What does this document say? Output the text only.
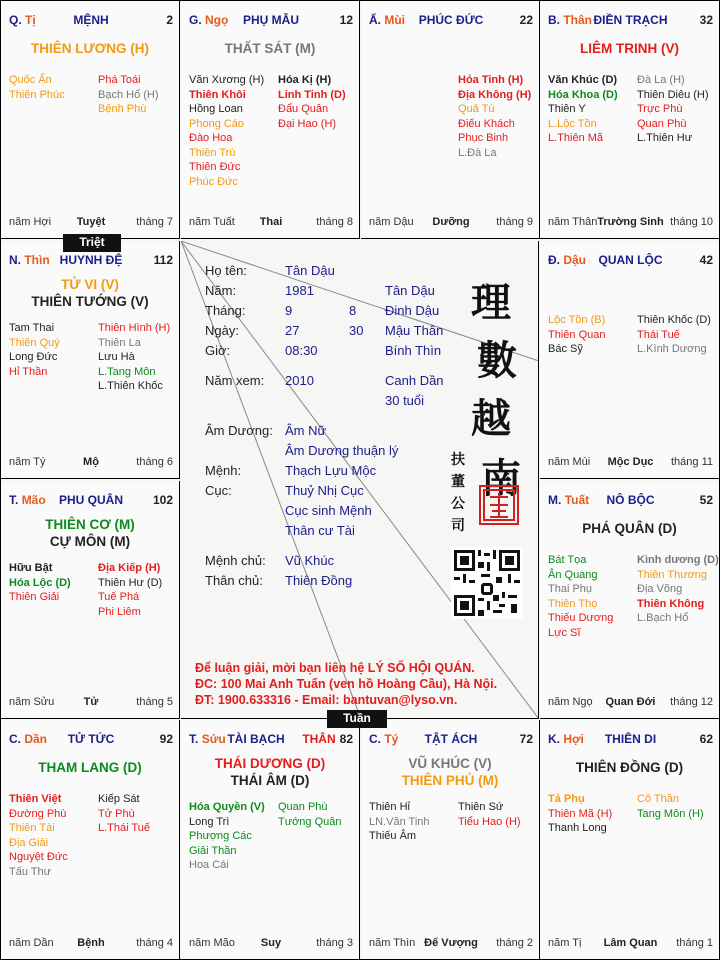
K. Hợi	THIÊN DI	62
THIÊN ĐỒNG (D)
Tả Phụ
Thiên Mã (H)
Thanh Long
Cô Thần
Tang Môn (H)
năm Tị	Lâm Quan	tháng 1
C. Tý	TẬT ÁCH	72
VŨ KHÚC (V)
THIÊN PHỦ (M)
Thiên Hỉ
LN.Văn Tinh
Thiếu Âm
Thiên Sứ
Tiểu Hao (H)
năm Thìn Đế Vượng	tháng 2
T. Sửu TÀI BẠCH	THÂN 82
THÁI DƯƠNG (D)
THÁI ÂM (D)
Hóa Quyền (V)
Long Trì
Phượng Các
Giải Thần
Hoa Cái
Quan Phù
Tướng Quân
năm Mão	Suy	tháng 3
C. Dần	TỬ TỨC	92
THAM LANG (D)
Thiên Việt
Đường Phù
Thiên Tài
Địa Giải
Nguyệt Đức
Tấu Thư
Kiếp Sát
Tử Phù
L.Thái Tuế
năm Dần	Bệnh	tháng 4
M. Tuất	NÔ BỘC	52
PHÁ QUÂN (D)
Bát Tọa
Ân Quang
Thai Phụ
Thiên Thọ
Thiếu Dương
Lực Sĩ
Kình dương (D)
Thiên Thương
Địa Võng
Thiên Không
L.Bạch Hổ
năm Ngọ	Quan Đới	tháng 12
T. Mão	PHU QUÂN	102
THIÊN CƠ (M)
CỰ MÔN (M)
Hữu Bật
Hóa Lộc (D)
Thiên Giải
Địa Kiếp (H)
Thiên Hư (D)
Tuế Phá
Phi Liêm
năm Sửu	Tử	tháng 5
Đ. Dậu	QUAN LỘC	42
Lộc Tồn (B)
Thiên Quan
Bác Sỹ
Thiên Khốc (D)
Thái Tuế
L.Kình Dương
năm Mùi	Mộc Dục	tháng 11
N. Thìn HUYNH ĐỆ	112
TỬ VI (V)
THIÊN TƯỚNG (V)
Tam Thai
Thiên Quý
Long Đức
Hỉ Thần
Thiên Hình (H)
Thiên La
Lưu Hà
L.Tang Môn
L.Thiên Khốc
năm Tý	Mộ	tháng 6
B. Thân ĐIỀN TRẠCH	32
LIÊM TRINH (V)
Văn Khúc (D)
Hóa Khoa (D)
Thiên Y
L.Lộc Tồn
L.Thiên Mã
Đà La (H)
Thiên Diêu (H)
Trực Phù
Quan Phù
L.Thiên Hư
năm Thân Trường Sinh tháng 10
Ấ. Mùi	PHÚC ĐỨC	22
Hỏa Tinh (H)
Địa Không (H)
Quả Tú
Điếu Khách
Phục Binh
L.Đà La
năm Dậu	Dưỡng	tháng 9
G. Ngọ	PHỤ MẪU	12
THẤT SÁT (M)
Văn Xương (H)
Thiên Khôi
Hồng Loan
Phong Cáo
Đào Hoa
Thiên Trù
Thiên Đức
Phúc Đức
Hóa Kị (H)
Linh Tinh (D)
Đẩu Quân
Đại Hao (H)
năm Tuất	Thai	tháng 8
Q. Tị	MỆNH	2
THIÊN LƯƠNG (H)
Quốc Ấn
Thiên Phúc
Phá Toái
Bạch Hổ (H)
Bệnh Phù
năm Hợi	Tuyệt	tháng 7
Họ tên:	Tân Dậu
Năm:	1981	Tân Dậu
Tháng:	9	8 Đinh Dậu
Ngày:	27	30 Mậu Thân
Giờ:	08:30	Bính Thìn
Năm xem: 2010	Canh Dần
30 tuổi
Âm Dương: Âm Nữ
Âm Dương thuận lý
Mệnh:	Thạch Lựu Mộc
Cục:	Thuỷ Nhị Cục
Cục sinh Mệnh
Thân cư Tài
Mệnh chủ: Vũ Khúc
Thân chủ: Thiên Đồng
理
數
越
南
扶
董
公
司
Để luận giải, mời bạn liên hệ LÝ SỐ HỘI QUÁN.
ĐC: 100 Mai Anh Tuấn (ven hồ Hoàng Cầu), Hà Nội.
ĐT: 1900.633316 - Email: bantuvan@lyso.vn.
Triệt
Tuần
